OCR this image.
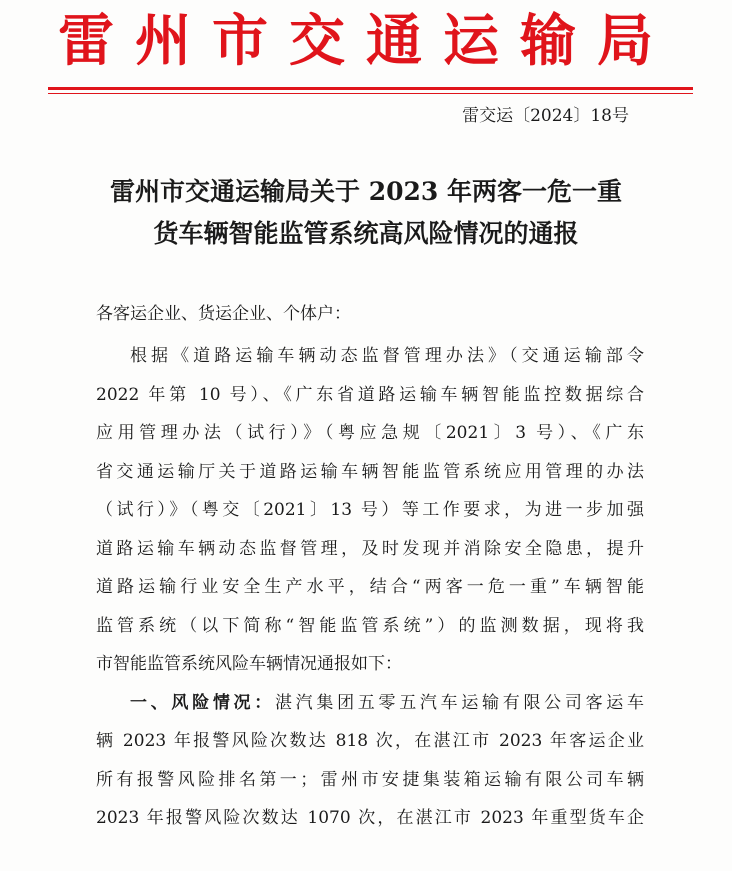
雷州市交通运输局
雷交运〔2024〕18号
雷州市交通运输局关于 2023 年两客一危一重
货车辆智能监管系统高风险情况的通报
各客运企业、货运企业、个体户：
根据《道路运输车辆动态监督管理办法》（交通运输部令
2022 年第 10 号）、《广东省道路运输车辆智能监控数据综合
应用管理办法（试行）》（粤应急规〔2021〕3 号）、《广东
省交通运输厅关于道路运输车辆智能监管系统应用管理的办法
（试行）》（粤交〔2021〕13 号）等工作要求，为进一步加强
道路运输车辆动态监督管理，及时发现并消除安全隐患，提升
道路运输行业安全生产水平，结合“两客一危一重”车辆智能
监管系统（以下简称“智能监管系统”）的监测数据，现将我
市智能监管系统风险车辆情况通报如下：
一、风险情况：湛汽集团五零五汽车运输有限公司客运车
辆 2023 年报警风险次数达 818 次，在湛江市 2023 年客运企业
所有报警风险排名第一；雷州市安捷集装箱运输有限公司车辆
2023 年报警风险次数达 1070 次，在湛江市 2023 年重型货车企
